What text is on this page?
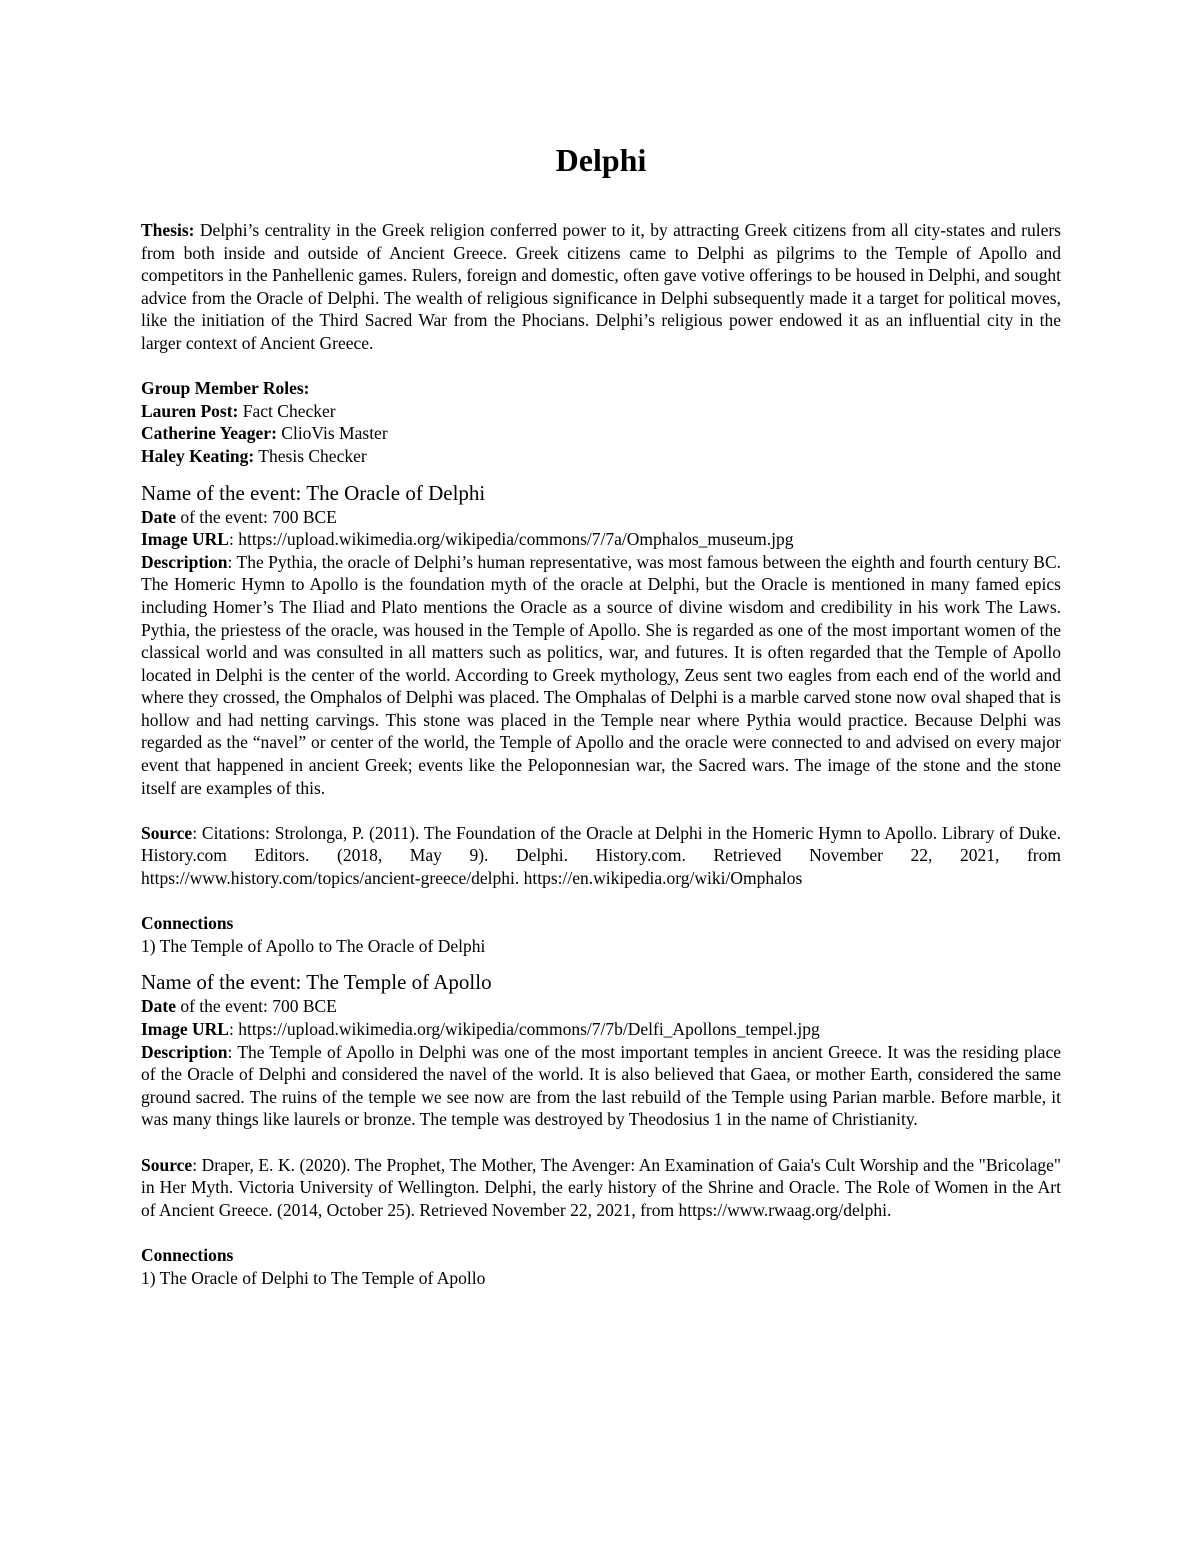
Delphi

Thesis: Delphi’s centrality in the Greek religion conferred power to it, by attracting Greek citizens from all city-states and rulers from both inside and outside of Ancient Greece. Greek citizens came to Delphi as pilgrims to the Temple of Apollo and competitors in the Panhellenic games. Rulers, foreign and domestic, often gave votive offerings to be housed in Delphi, and sought advice from the Oracle of Delphi. The wealth of religious significance in Delphi subsequently made it a target for political moves, like the initiation of the Third Sacred War from the Phocians. Delphi’s religious power endowed it as an influential city in the larger context of Ancient Greece.

Group Member Roles:

Lauren Post: Fact Checker

Catherine Yeager: ClioVis Master

Haley Keating: Thesis Checker

Name of the event: The Oracle of Delphi

Date of the event: 700 BCE

Image URL: https://upload.wikimedia.org/wikipedia/commons/7/7a/Omphalos_museum.jpg

Description: The Pythia, the oracle of Delphi’s human representative, was most famous between the eighth and fourth century BC. The Homeric Hymn to Apollo is the foundation myth of the oracle at Delphi, but the Oracle is mentioned in many famed epics including Homer’s The Iliad and Plato mentions the Oracle as a source of divine wisdom and credibility in his work The Laws. Pythia, the priestess of the oracle, was housed in the Temple of Apollo. She is regarded as one of the most important women of the classical world and was consulted in all matters such as politics, war, and futures. It is often regarded that the Temple of Apollo located in Delphi is the center of the world. According to Greek mythology, Zeus sent two eagles from each end of the world and where they crossed, the Omphalos of Delphi was placed. The Omphalas of Delphi is a marble carved stone now oval shaped that is hollow and had netting carvings. This stone was placed in the Temple near where Pythia would practice. Because Delphi was regarded as the “navel” or center of the world, the Temple of Apollo and the oracle were connected to and advised on every major event that happened in ancient Greek; events like the Peloponnesian war, the Sacred wars. The image of the stone and the stone itself are examples of this.

Source: Citations: Strolonga, P. (2011). The Foundation of the Oracle at Delphi in the Homeric Hymn to Apollo. Library of Duke. History.com Editors. (2018, May 9). Delphi. History.com. Retrieved November 22, 2021, from https://www.history.com/topics/ancient-greece/delphi. https://en.wikipedia.org/wiki/Omphalos

Connections

1) The Temple of Apollo to The Oracle of Delphi

Name of the event: The Temple of Apollo

Date of the event: 700 BCE

Image URL: https://upload.wikimedia.org/wikipedia/commons/7/7b/Delfi_Apollons_tempel.jpg

Description: The Temple of Apollo in Delphi was one of the most important temples in ancient Greece. It was the residing place of the Oracle of Delphi and considered the navel of the world. It is also believed that Gaea, or mother Earth, considered the same ground sacred. The ruins of the temple we see now are from the last rebuild of the Temple using Parian marble. Before marble, it was many things like laurels or bronze. The temple was destroyed by Theodosius 1 in the name of Christianity.

Source: Draper, E. K. (2020). The Prophet, The Mother, The Avenger: An Examination of Gaia's Cult Worship and the "Bricolage" in Her Myth. Victoria University of Wellington. Delphi, the early history of the Shrine and Oracle. The Role of Women in the Art of Ancient Greece. (2014, October 25). Retrieved November 22, 2021, from https://www.rwaag.org/delphi.

Connections

1) The Oracle of Delphi to The Temple of Apollo
